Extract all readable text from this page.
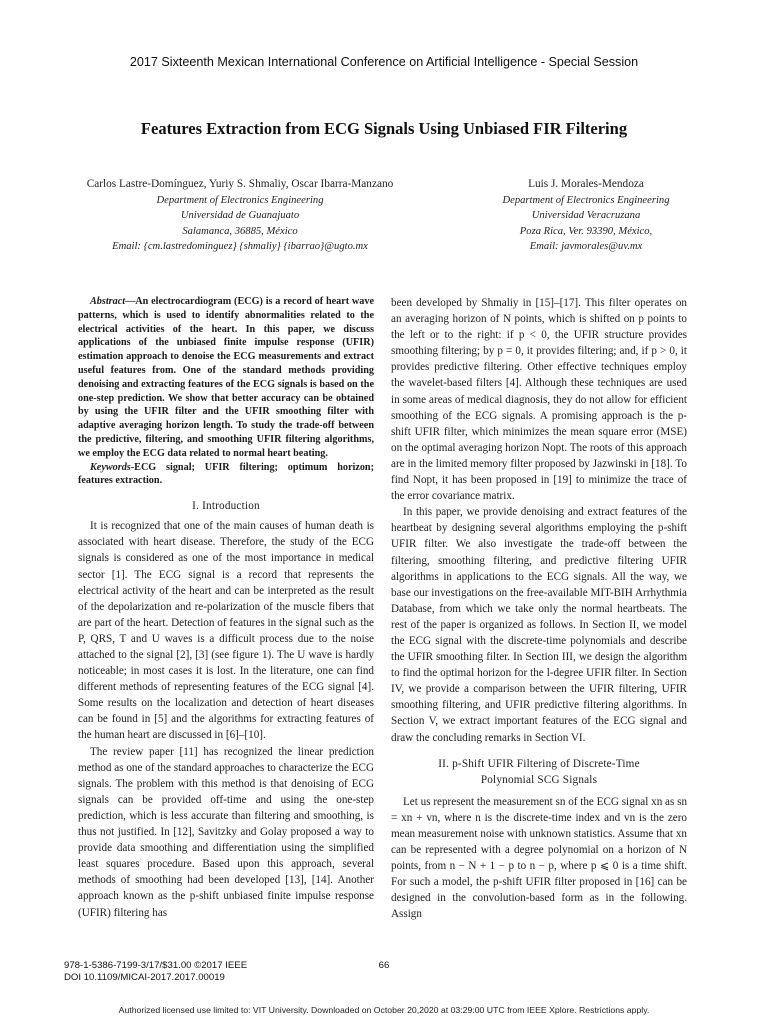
2017 Sixteenth Mexican International Conference on Artificial Intelligence - Special Session
Features Extraction from ECG Signals Using Unbiased FIR Filtering
Carlos Lastre-Domínguez, Yuriy S. Shmaliy, Oscar Ibarra-Manzano
Department of Electronics Engineering
Universidad de Guanajuato
Salamanca, 36885, México
Email: {cm.lastredominguez} {shmaliy} {ibarrao}@ugto.mx
Luis J. Morales-Mendoza
Department of Electronics Engineering
Universidad Veracruzana
Poza Rica, Ver. 93390, México,
Email: javmorales@uv.mx

Abstract—An electrocardiogram (ECG) is a record of heart wave patterns, which is used to identify abnormalities related to the electrical activities of the heart. In this paper, we discuss applications of the unbiased finite impulse response (UFIR) estimation approach to denoise the ECG measurements and extract useful features from. One of the standard methods providing denoising and extracting features of the ECG signals is based on the one-step prediction. We show that better accuracy can be obtained by using the UFIR filter and the UFIR smoothing filter with adaptive averaging horizon length. To study the trade-off between the predictive, filtering, and smoothing UFIR filtering algorithms, we employ the ECG data related to normal heart beating.

Keywords-ECG signal; UFIR filtering; optimum horizon; features extraction.

I. Introduction

It is recognized that one of the main causes of human death is associated with heart disease. Therefore, the study of the ECG signals is considered as one of the most importance in medical sector [1]. The ECG signal is a record that represents the electrical activity of the heart and can be interpreted as the result of the depolarization and re-polarization of the muscle fibers that are part of the heart. Detection of features in the signal such as the P, QRS, T and U waves is a difficult process due to the noise attached to the signal [2], [3] (see figure 1). The U wave is hardly noticeable; in most cases it is lost. In the literature, one can find different methods of representing features of the ECG signal [4]. Some results on the localization and detection of heart diseases can be found in [5] and the algorithms for extracting features of the human heart are discussed in [6]–[10].

The review paper [11] has recognized the linear prediction method as one of the standard approaches to characterize the ECG signals. The problem with this method is that denoising of ECG signals can be provided off-time and using the one-step prediction, which is less accurate than filtering and smoothing, is thus not justified. In [12], Savitzky and Golay proposed a way to provide data smoothing and differentiation using the simplified least squares procedure. Based upon this approach, several methods of smoothing had been developed [13], [14]. Another approach known as the p-shift unbiased finite impulse response (UFIR) filtering has

been developed by Shmaliy in [15]–[17]. This filter operates on an averaging horizon of N points, which is shifted on p points to the left or to the right: if p < 0, the UFIR structure provides smoothing filtering; by p = 0, it provides filtering; and, if p > 0, it provides predictive filtering. Other effective techniques employ the wavelet-based filters [4]. Although these techniques are used in some areas of medical diagnosis, they do not allow for efficient smoothing of the ECG signals. A promising approach is the p-shift UFIR filter, which minimizes the mean square error (MSE) on the optimal averaging horizon Nopt. The roots of this approach are in the limited memory filter proposed by Jazwinski in [18]. To find Nopt, it has been proposed in [19] to minimize the trace of the error covariance matrix.

In this paper, we provide denoising and extract features of the heartbeat by designing several algorithms employing the p-shift UFIR filter. We also investigate the trade-off between the filtering, smoothing filtering, and predictive filtering UFIR algorithms in applications to the ECG signals. All the way, we base our investigations on the free-available MIT-BIH Arrhythmia Database, from which we take only the normal heartbeats. The rest of the paper is organized as follows. In Section II, we model the ECG signal with the discrete-time polynomials and describe the UFIR smoothing filter. In Section III, we design the algorithm to find the optimal horizon for the l-degree UFIR filter. In Section IV, we provide a comparison between the UFIR filtering, UFIR smoothing filtering, and UFIR predictive filtering algorithms. In Section V, we extract important features of the ECG signal and draw the concluding remarks in Section VI.

II. p-Shift UFIR Filtering of Discrete-Time
Polynomial SCG Signals

Let us represent the measurement sn of the ECG signal xn as sn = xn + vn, where n is the discrete-time index and vn is the zero mean measurement noise with unknown statistics. Assume that xn can be represented with a degree polynomial on a horizon of N points, from n − N + 1 − p to n − p, where p ⩽ 0 is a time shift. For such a model, the p-shift UFIR filter proposed in [16] can be designed in the convolution-based form as in the following. Assign

978-1-5386-7199-3/17/$31.00 ©2017 IEEE
DOI 10.1109/MICAI-2017.2017.00019
66
Authorized licensed use limited to: VIT University. Downloaded on October 20,2020 at 03:29:00 UTC from IEEE Xplore. Restrictions apply.
